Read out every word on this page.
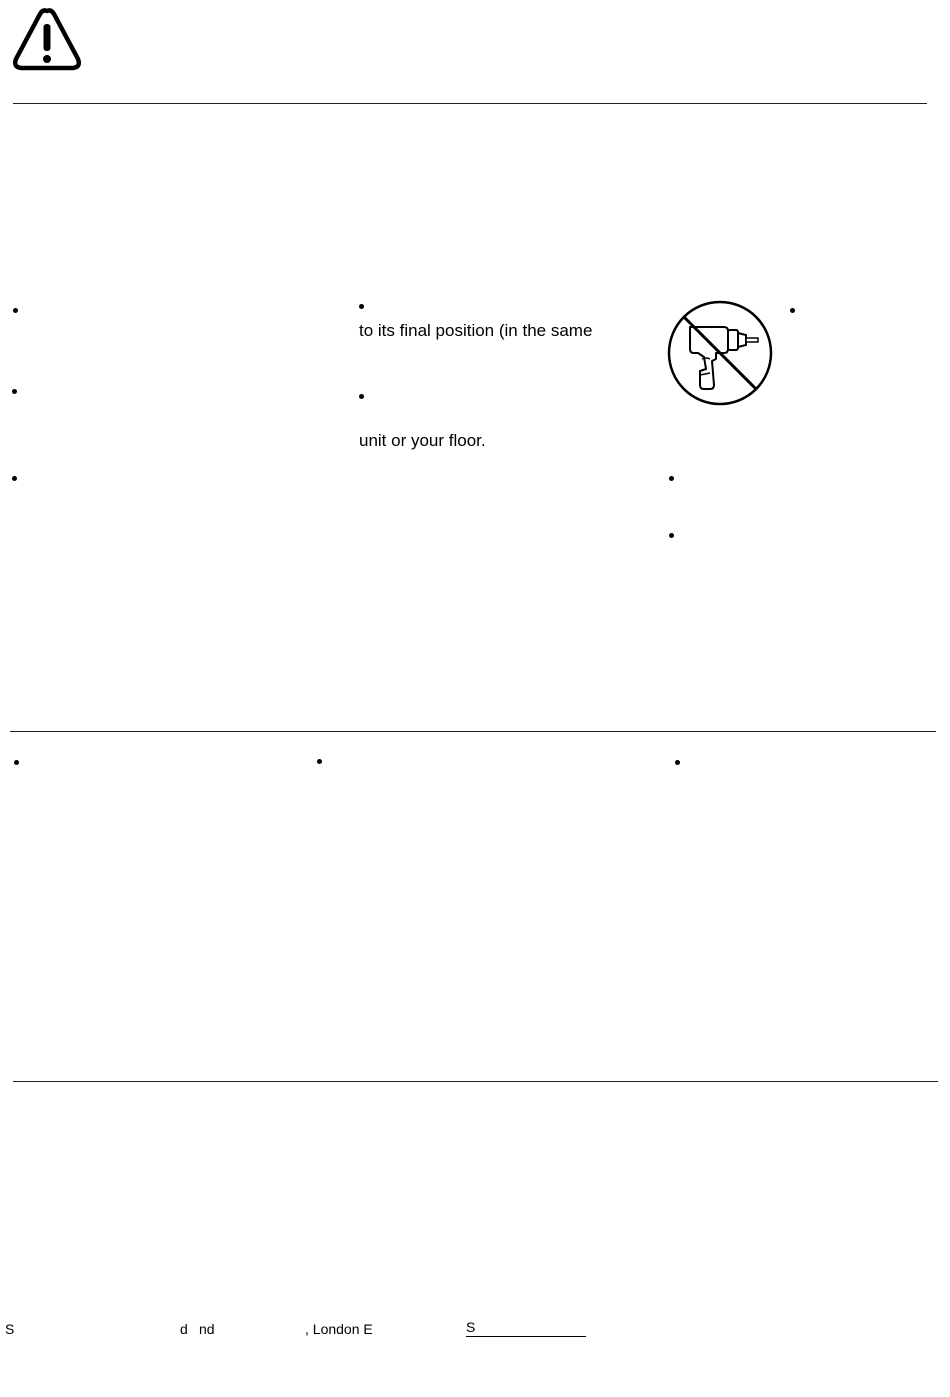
to its final position (in the same
unit or your floor.
S	d nd	, London E	S
